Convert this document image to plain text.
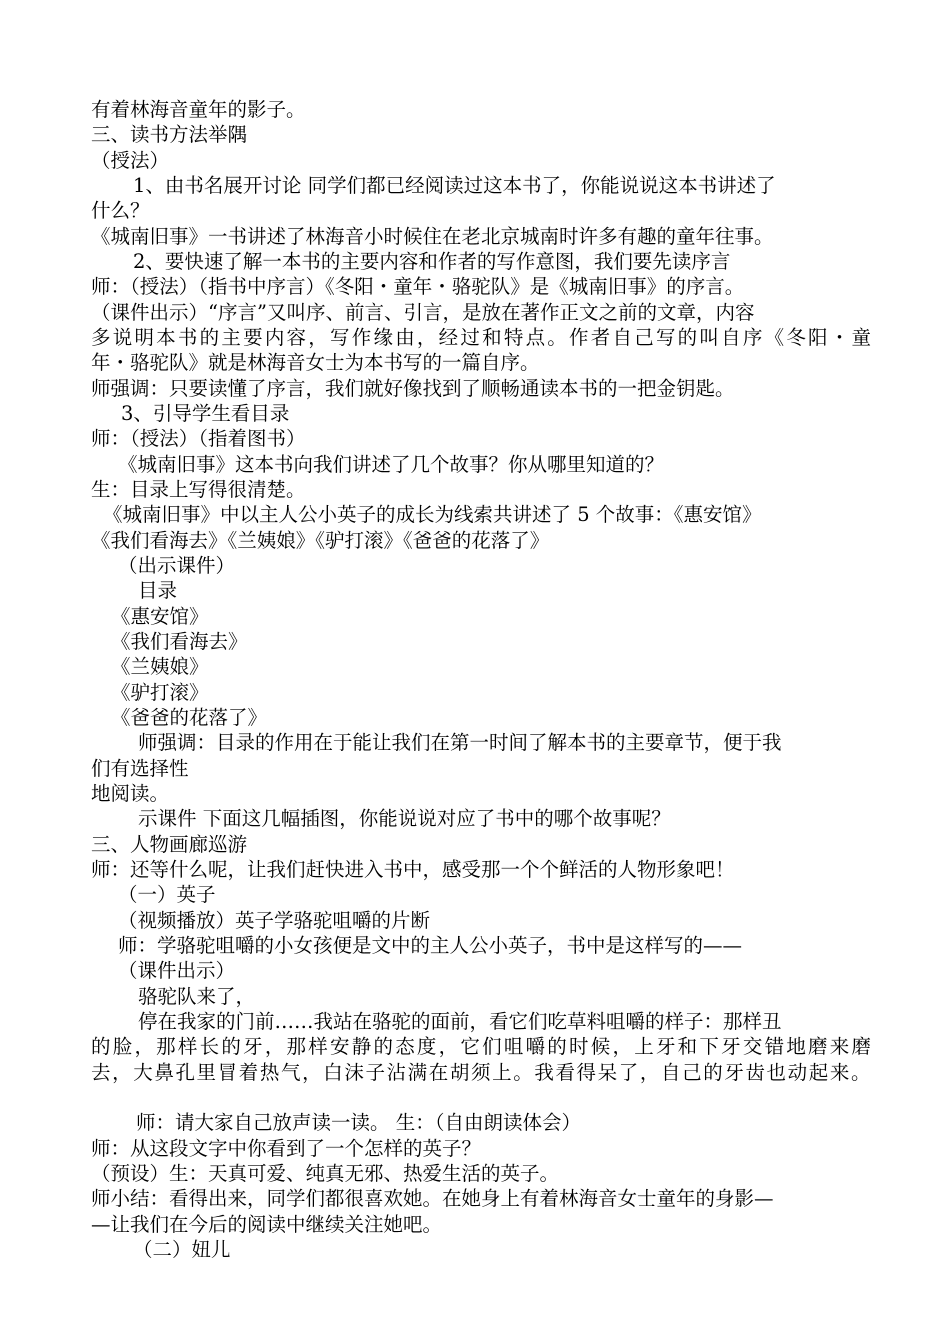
有着林海音童年的影子。
三、读书方法举隅
（授法）
1、由书名展开讨论 同学们都已经阅读过这本书了，你能说说这本书讲述了
什么？
《城南旧事》一书讲述了林海音小时候住在老北京城南时许多有趣的童年往事。
2、要快速了解一本书的主要内容和作者的写作意图，我们要先读序言
师：（授法）（指书中序言）《冬阳・童年・骆驼队》是《城南旧事》的序言。
（课件出示）“序言”又叫序、前言、引言，是放在著作正文之前的文章，内容
多说明本书的主要内容，写作缘由，经过和特点。作者自己写的叫自序《冬阳・童
年・骆驼队》就是林海音女士为本书写的一篇自序。
师强调：只要读懂了序言，我们就好像找到了顺畅通读本书的一把金钥匙。
3、引导学生看目录
师：（授法）（指着图书）
《城南旧事》这本书向我们讲述了几个故事？你从哪里知道的？
生：目录上写得很清楚。
《城南旧事》中以主人公小英子的成长为线索共讲述了 5 个故事：《惠安馆》
《我们看海去》《兰姨娘》《驴打滚》《爸爸的花落了》
（出示课件）
目录
《惠安馆》
《我们看海去》
《兰姨娘》
《驴打滚》
《爸爸的花落了》
师强调：目录的作用在于能让我们在第一时间了解本书的主要章节，便于我
们有选择性
地阅读。
示课件 下面这几幅插图，你能说说对应了书中的哪个故事呢？
三、人物画廊巡游
师：还等什么呢，让我们赶快进入书中，感受那一个个鲜活的人物形象吧！
（一）英子
（视频播放）英子学骆驼咀嚼的片断
师：学骆驼咀嚼的小女孩便是文中的主人公小英子，书中是这样写的——
（课件出示）
骆驼队来了，
停在我家的门前……我站在骆驼的面前，看它们吃草料咀嚼的样子：那样丑
的脸，那样长的牙，那样安静的态度，它们咀嚼的时候，上牙和下牙交错地磨来磨
去，大鼻孔里冒着热气，白沫子沾满在胡须上。我看得呆了，自己的牙齿也动起来。
师：请大家自己放声读一读。 生：（自由朗读体会）
师：从这段文字中你看到了一个怎样的英子？
（预设）生：天真可爱、纯真无邪、热爱生活的英子。
师小结：看得出来，同学们都很喜欢她。在她身上有着林海音女士童年的身影—
—让我们在今后的阅读中继续关注她吧。
（二）妞儿
